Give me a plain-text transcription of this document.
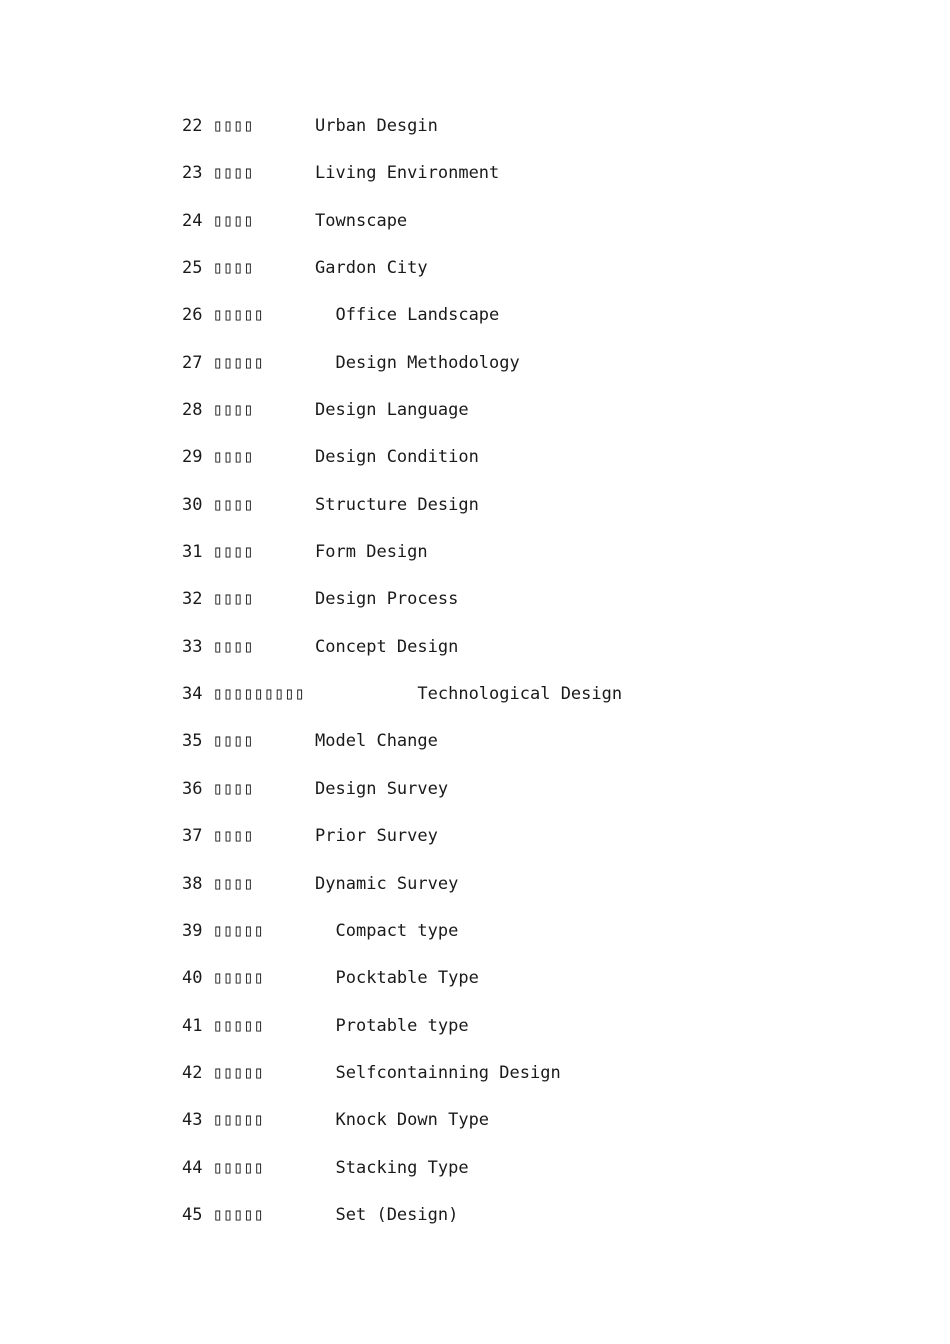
22 ▯▯▯▯      Urban Desgin
23 ▯▯▯▯      Living Environment
24 ▯▯▯▯      Townscape
25 ▯▯▯▯      Gardon City
26 ▯▯▯▯▯       Office Landscape
27 ▯▯▯▯▯       Design Methodology
28 ▯▯▯▯      Design Language
29 ▯▯▯▯      Design Condition
30 ▯▯▯▯      Structure Design
31 ▯▯▯▯      Form Design
32 ▯▯▯▯      Design Process
33 ▯▯▯▯      Concept Design
34 ▯▯▯▯▯▯▯▯▯           Technological Design
35 ▯▯▯▯      Model Change
36 ▯▯▯▯      Design Survey
37 ▯▯▯▯      Prior Survey
38 ▯▯▯▯      Dynamic Survey
39 ▯▯▯▯▯       Compact type
40 ▯▯▯▯▯       Pocktable Type
41 ▯▯▯▯▯       Protable type
42 ▯▯▯▯▯       Selfcontainning Design
43 ▯▯▯▯▯       Knock Down Type
44 ▯▯▯▯▯       Stacking Type
45 ▯▯▯▯▯       Set (Design)
